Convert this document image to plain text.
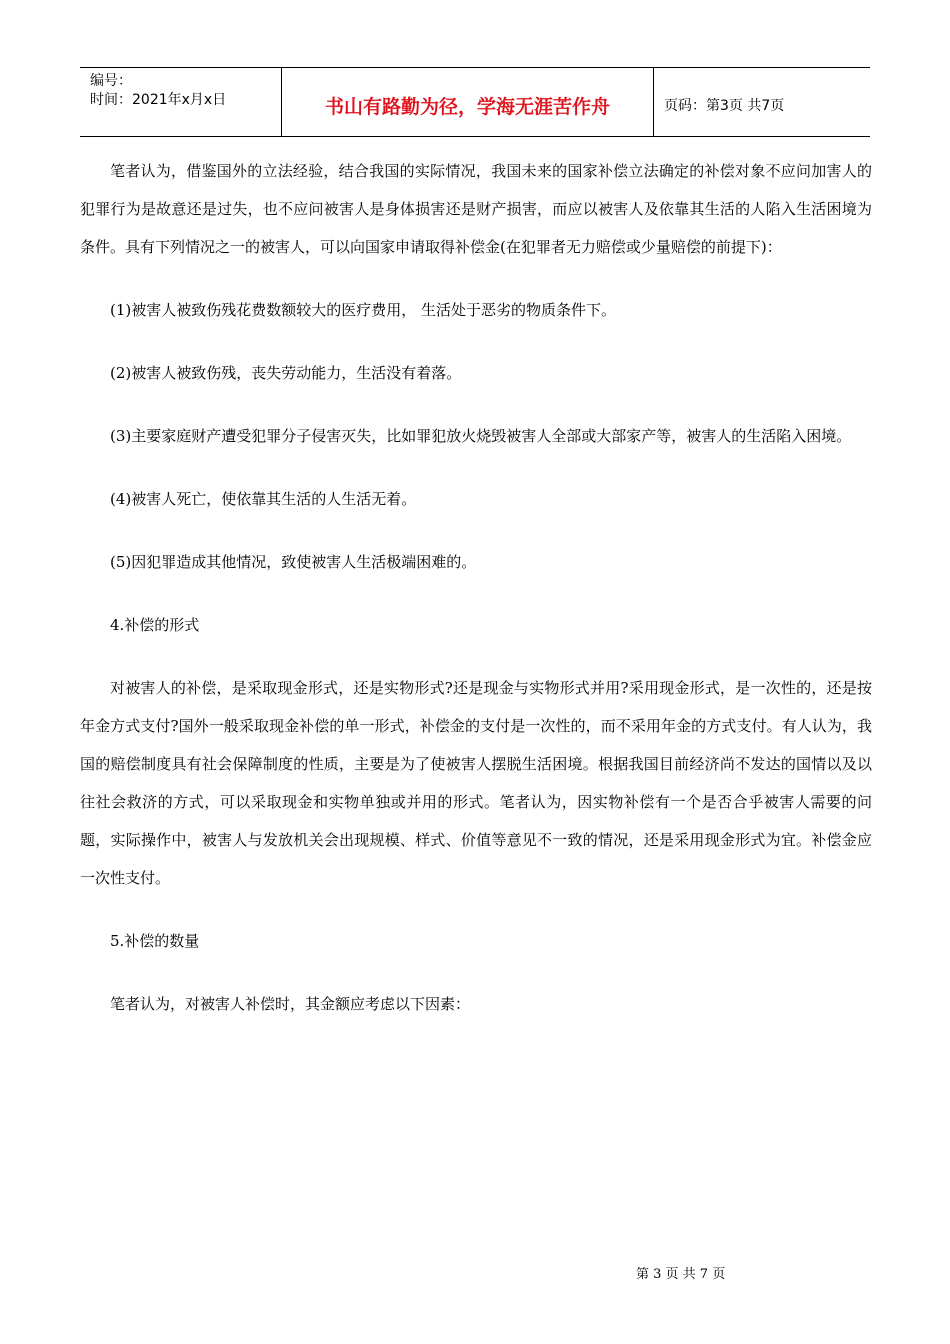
编号：
时间：2021年x月x日	书山有路勤为径，学海无涯苦作舟	页码：第3页 共7页

笔者认为，借鉴国外的立法经验，结合我国的实际情况，我国未来的国家补偿立法确定的补偿对象不应问加害人的犯罪行为是故意还是过失，也不应问被害人是身体损害还是财产损害，而应以被害人及依靠其生活的人陷入生活困境为条件。具有下列情况之一的被害人，可以向国家申请取得补偿金(在犯罪者无力赔偿或少量赔偿的前提下)：

(1)被害人被致伤残花费数额较大的医疗费用， 生活处于恶劣的物质条件下。

(2)被害人被致伤残，丧失劳动能力，生活没有着落。

(3)主要家庭财产遭受犯罪分子侵害灭失，比如罪犯放火烧毁被害人全部或大部家产等，被害人的生活陷入困境。

(4)被害人死亡，使依靠其生活的人生活无着。

(5)因犯罪造成其他情况，致使被害人生活极端困难的。

4.补偿的形式

对被害人的补偿，是采取现金形式，还是实物形式?还是现金与实物形式并用?采用现金形式，是一次性的，还是按年金方式支付?国外一般采取现金补偿的单一形式，补偿金的支付是一次性的，而不采用年金的方式支付。有人认为，我国的赔偿制度具有社会保障制度的性质，主要是为了使被害人摆脱生活困境。根据我国目前经济尚不发达的国情以及以往社会救济的方式，可以采取现金和实物单独或并用的形式。笔者认为，因实物补偿有一个是否合乎被害人需要的问题，实际操作中，被害人与发放机关会出现规模、样式、价值等意见不一致的情况，还是采用现金形式为宜。补偿金应一次性支付。

5.补偿的数量

笔者认为，对被害人补偿时，其金额应考虑以下因素：

第 3 页 共 7 页
